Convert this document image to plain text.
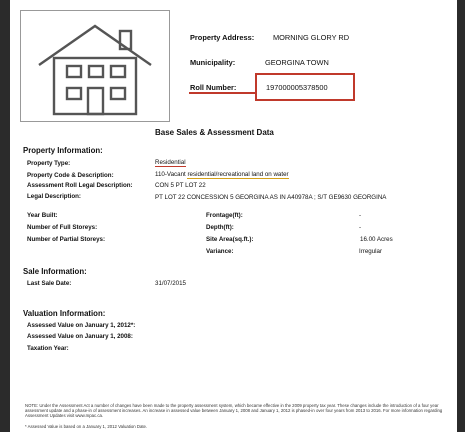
Property Address:	MORNING GLORY RD
Municipality:	GEORGINA TOWN
Roll Number:	197000005378500
Base Sales & Assessment Data
Property Information:
Property Type:	Residential
Property Code & Description:	110-Vacant residential/recreational land on water
Assessment Roll Legal Description:	CON 5 PT LOT 22
Legal Description:	PT LOT 22 CONCESSION 5 GEORGINA AS IN A40978A ; S/T GE9630 GEORGINA
Year Built:
Number of Full Storeys:
Number of Partial Storeys:
Frontage(ft):	-
Depth(ft):	-
Site Area(sq.ft.):	16.00 Acres
Variance:	Irregular
Sale Information:
Last Sale Date:	31/07/2015
Valuation Information:
Assessed Value on January 1, 2012*:
Assessed Value on January 1, 2008:
Taxation Year:
NOTE: Under the Assessment Act a number of changes have been made to the property assessment system, which became effective in the 2009 property tax year. These changes include the introduction of a four year assessment update and a phase-in of assessment increases. An increase in assessed value between January 1, 2008 and January 1, 2012 is phased-in over four years from 2013 to 2016. For more information regarding Assessment Updates visit www.mpac.ca.
* Assessed Value is based on a January 1, 2012 Valuation Date.
